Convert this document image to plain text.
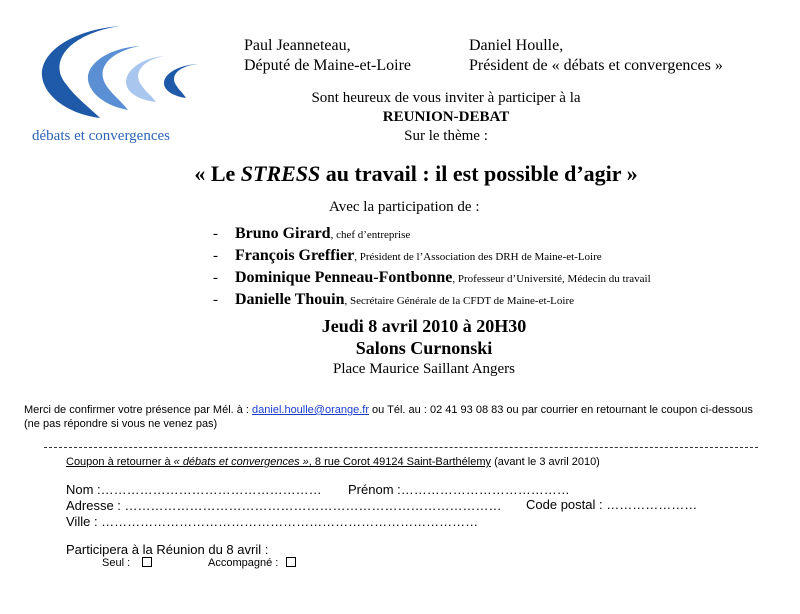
débats et convergences
Paul Jeanneteau,
Député de Maine-et-Loire
Daniel Houlle,
Président de « débats et convergences »
Sont heureux de vous inviter à participer à la
REUNION-DEBAT
Sur le thème :
« Le STRESS au travail : il est possible d’agir »
Avec la participation de :
- Bruno Girard, chef d’entreprise
- François Greffier, Président de l’Association des DRH de Maine-et-Loire
- Dominique Penneau-Fontbonne, Professeur d’Université, Médecin du travail
- Danielle Thouin, Secrétaire Générale de la CFDT de Maine-et-Loire
Jeudi 8 avril 2010 à 20H30
Salons Curnonski
Place Maurice Saillant Angers
Merci de confirmer votre présence par Mél. à : daniel.houlle@orange.fr ou Tél. au : 02 41 93 08 83 ou par courrier en retournant le coupon ci-dessous
(ne pas répondre si vous ne venez pas)
Coupon à retourner à « débats et convergences », 8 rue Corot 49124 Saint-Barthélemy (avant le 3 avril 2010)
Nom :…………………………………………… Prénom :…………………………………
Adresse : …………………………………………………………………………… Code postal : …………………
Ville : ……………………………………………………………………………
Participera à la Réunion du 8 avril :
Seul :	Accompagné :
